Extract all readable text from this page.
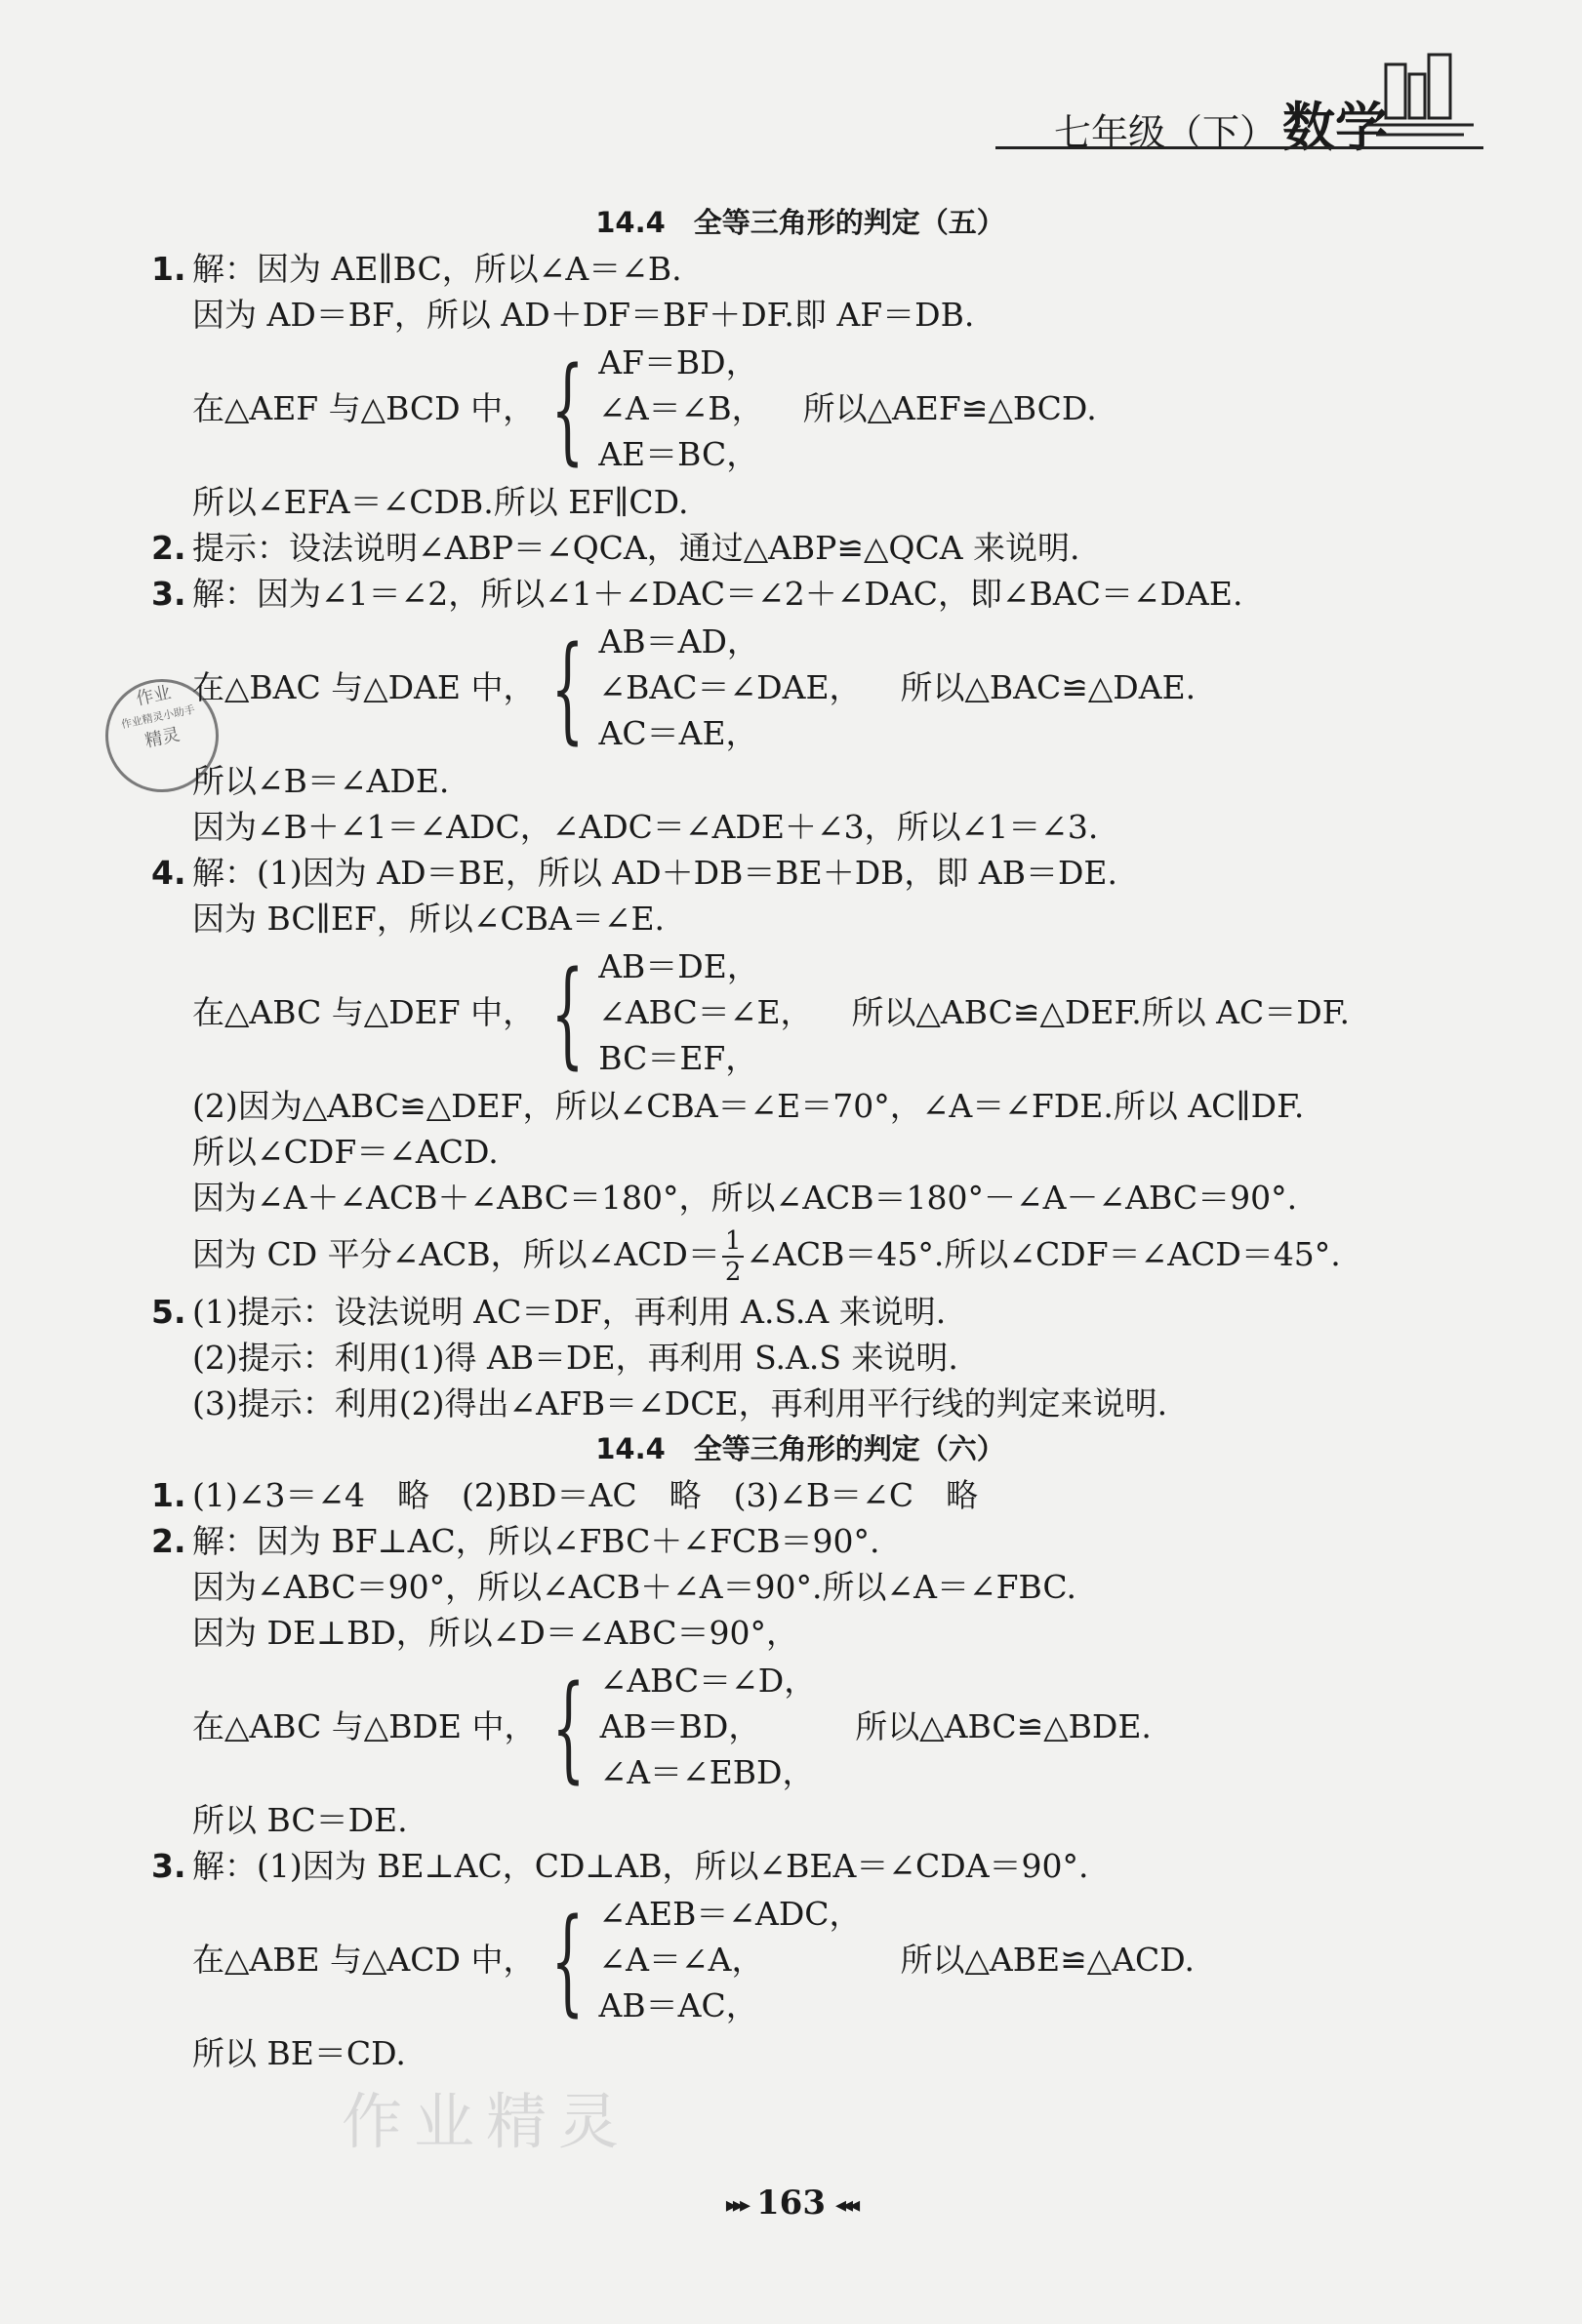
七年级（下） 数学
作业
作业精灵小助手
精灵
14.4　全等三角形的判定（五）
1. 解：因为 AE∥BC，所以∠A＝∠B.
因为 AD＝BF，所以 AD＋DF＝BF＋DF.即 AF＝DB.
在△AEF 与△BCD 中， { AF＝BD，
∠A＝∠B，
AE＝BC，
所以△AEF≌△BCD.
所以∠EFA＝∠CDB.所以 EF∥CD.
2. 提示：设法说明∠ABP＝∠QCA，通过△ABP≌△QCA 来说明.
3. 解：因为∠1＝∠2，所以∠1＋∠DAC＝∠2＋∠DAC，即∠BAC＝∠DAE.
在△BAC 与△DAE 中， { AB＝AD，
∠BAC＝∠DAE，
AC＝AE，
所以△BAC≌△DAE.
所以∠B＝∠ADE.
因为∠B＋∠1＝∠ADC，∠ADC＝∠ADE＋∠3，所以∠1＝∠3.
4. 解：(1)因为 AD＝BE，所以 AD＋DB＝BE＋DB，即 AB＝DE.
因为 BC∥EF，所以∠CBA＝∠E.
在△ABC 与△DEF 中， { AB＝DE，
∠ABC＝∠E，
BC＝EF，
所以△ABC≌△DEF.所以 AC＝DF.
(2)因为△ABC≌△DEF，所以∠CBA＝∠E＝70°，∠A＝∠FDE.所以 AC∥DF.
所以∠CDF＝∠ACD.
因为∠A＋∠ACB＋∠ABC＝180°，所以∠ACB＝180°－∠A－∠ABC＝90°.
因为 CD 平分∠ACB，所以∠ACD＝ $\frac{1}{2}$ ∠ACB＝45°.所以∠CDF＝∠ACD＝45°.
5. (1)提示：设法说明 AC＝DF，再利用 A.S.A 来说明.
(2)提示：利用(1)得 AB＝DE，再利用 S.A.S 来说明.
(3)提示：利用(2)得出∠AFB＝∠DCE，再利用平行线的判定来说明.
14.4　全等三角形的判定（六）
1. (1)∠3＝∠4　略　(2)BD＝AC　略　(3)∠B＝∠C　略
2. 解：因为 BF⊥AC，所以∠FBC＋∠FCB＝90°.
因为∠ABC＝90°，所以∠ACB＋∠A＝90°.所以∠A＝∠FBC.
因为 DE⊥BD，所以∠D＝∠ABC＝90°，
在△ABC 与△BDE 中， { ∠ABC＝∠D，
AB＝BD，
∠A＝∠EBD，
所以△ABC≌△BDE.
所以 BC＝DE.
3. 解：(1)因为 BE⊥AC，CD⊥AB，所以∠BEA＝∠CDA＝90°.
在△ABE 与△ACD 中， { ∠AEB＝∠ADC，
∠A＝∠A，
AB＝AC，
所以△ABE≌△ACD.
所以 BE＝CD.
作业精灵
▸▸▸ 163 ◂◂◂
